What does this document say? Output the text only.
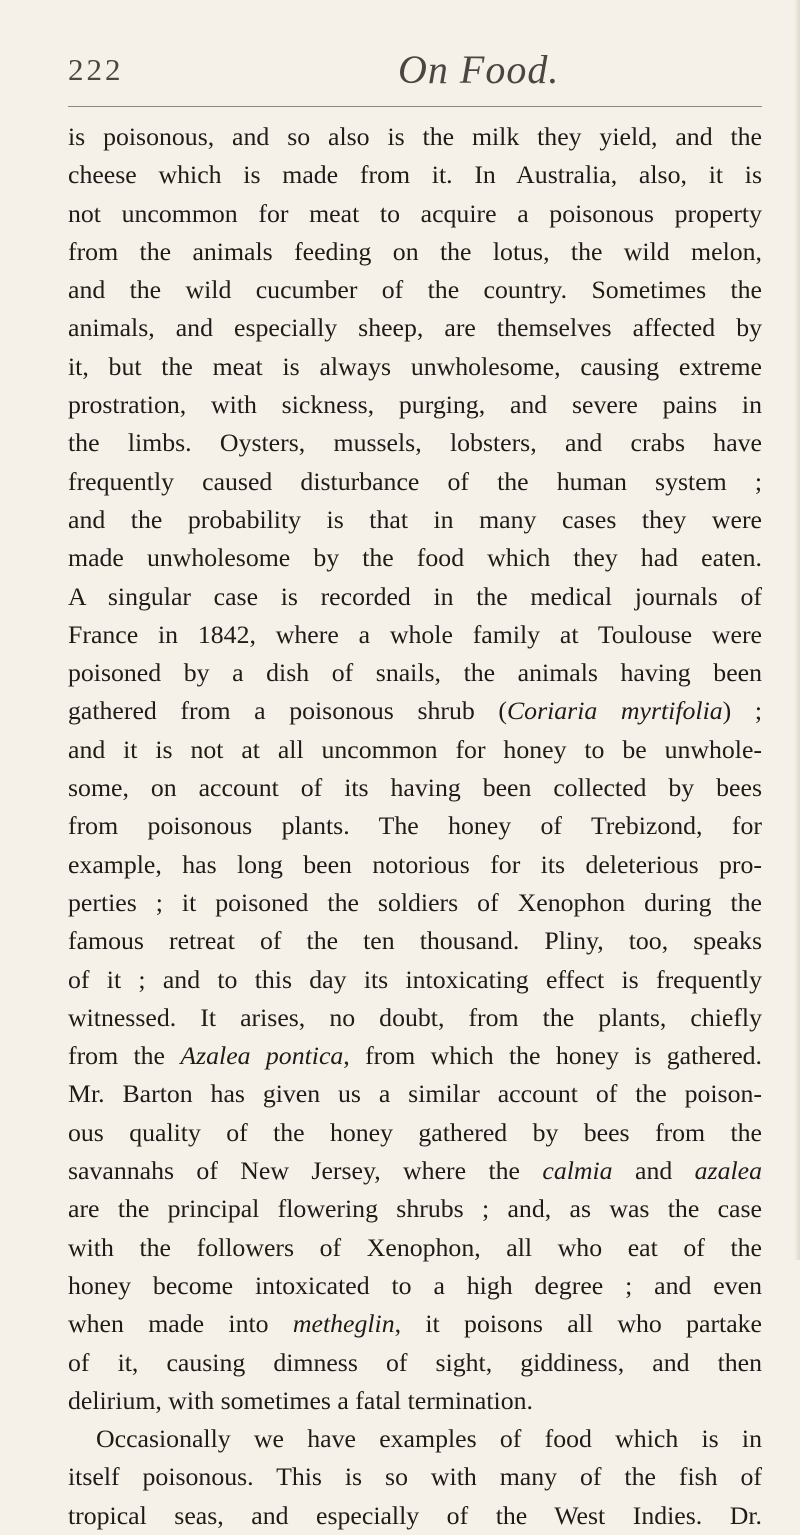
222	On Food.
is poisonous, and so also is the milk they yield, and the
cheese which is made from it. In Australia, also, it is
not uncommon for meat to acquire a poisonous property
from the animals feeding on the lotus, the wild melon,
and the wild cucumber of the country. Sometimes the
animals, and especially sheep, are themselves affected by
it, but the meat is always unwholesome, causing extreme
prostration, with sickness, purging, and severe pains in
the limbs. Oysters, mussels, lobsters, and crabs have
frequently caused disturbance of the human system ;
and the probability is that in many cases they were
made unwholesome by the food which they had eaten.
A singular case is recorded in the medical journals of
France in 1842, where a whole family at Toulouse were
poisoned by a dish of snails, the animals having been
gathered from a poisonous shrub (Coriaria myrtifolia) ;
and it is not at all uncommon for honey to be unwhole-
some, on account of its having been collected by bees
from poisonous plants. The honey of Trebizond, for
example, has long been notorious for its deleterious pro-
perties ; it poisoned the soldiers of Xenophon during the
famous retreat of the ten thousand. Pliny, too, speaks
of it ; and to this day its intoxicating effect is frequently
witnessed. It arises, no doubt, from the plants, chiefly
from the Azalea pontica, from which the honey is gathered.
Mr. Barton has given us a similar account of the poison-
ous quality of the honey gathered by bees from the
savannahs of New Jersey, where the calmia and azalea
are the principal flowering shrubs ; and, as was the case
with the followers of Xenophon, all who eat of the
honey become intoxicated to a high degree ; and even
when made into metheglin, it poisons all who partake
of it, causing dimness of sight, giddiness, and then
delirium, with sometimes a fatal termination.
Occasionally we have examples of food which is in
itself poisonous. This is so with many of the fish of
tropical seas, and especially of the West Indies. Dr.
